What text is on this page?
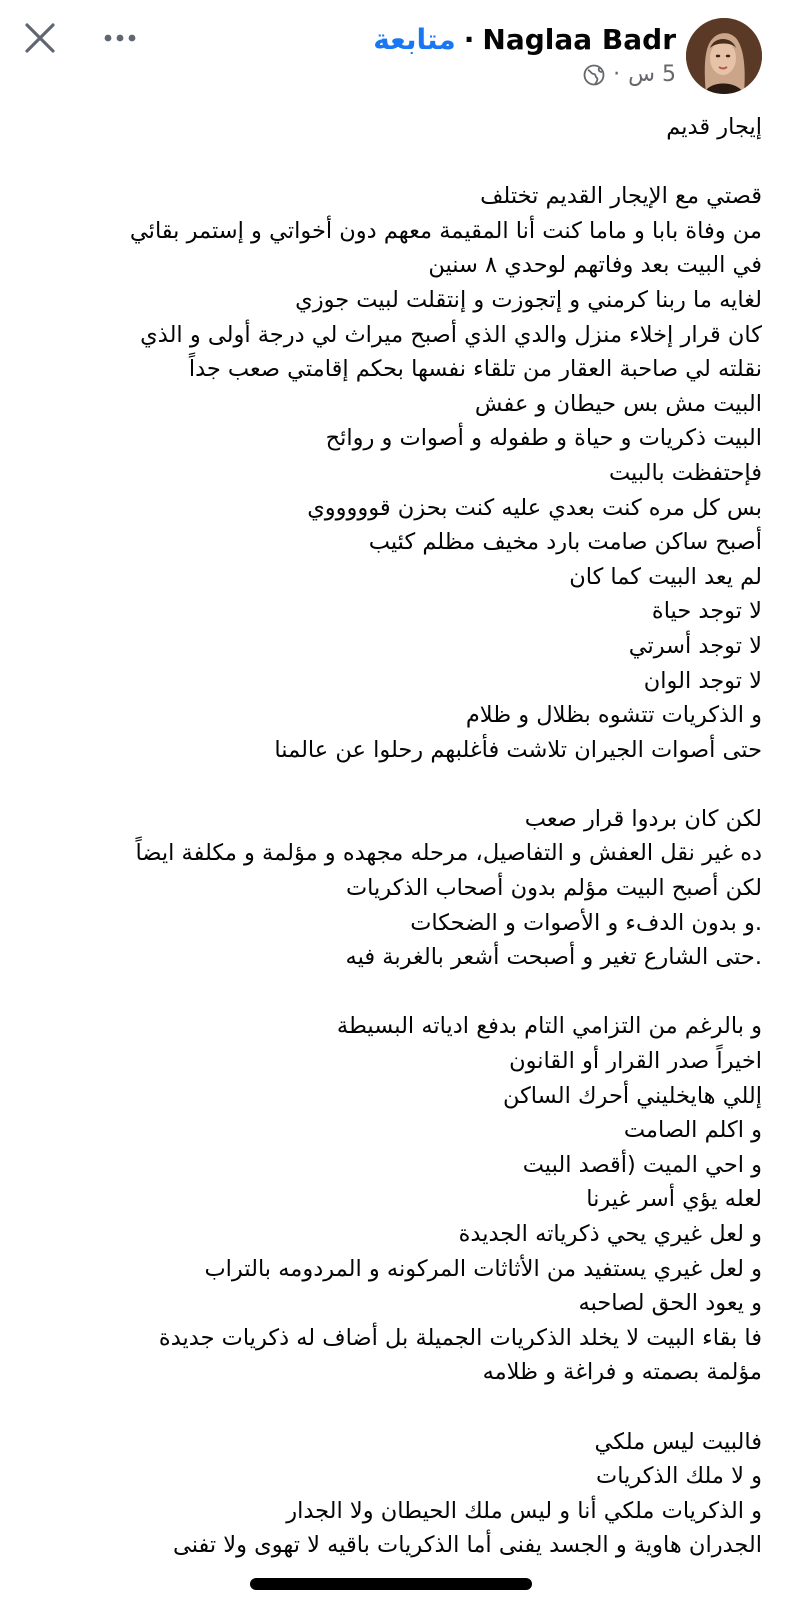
Naglaa Badr·متابعة
5 س
·
إيجار قديم
قصتي مع الإيجار القديم تختلف
من وفاة بابا و ماما كنت أنا المقيمة معهم دون أخواتي و إستمر بقائي
في البيت بعد وفاتهم لوحدي ٨ سنين
لغايه ما ربنا كرمني و إتجوزت و إنتقلت لبيت جوزي
كان قرار إخلاء منزل والدي الذي أصبح ميراث لي درجة أولى و الذي
نقلته لي صاحبة العقار من تلقاء نفسها بحكم إقامتي صعب جداً
البيت مش بس حيطان و عفش
البيت ذكريات و حياة و طفوله و أصوات و روائح
فإحتفظت بالبيت
بس كل مره كنت بعدي عليه كنت بحزن قوووووي
أصبح ساكن صامت بارد مخيف مظلم كئيب
لم يعد البيت كما كان
لا توجد حياة
لا توجد أسرتي
لا توجد الوان
و الذكريات تتشوه بظلال و ظلام
حتى أصوات الجيران تلاشت فأغلبهم رحلوا عن عالمنا
لكن كان بردوا قرار صعب
ده غير نقل العفش و التفاصيل، مرحله مجهده و مؤلمة و مكلفة ايضاً
لكن أصبح البيت مؤلم بدون أصحاب الذكريات
.و بدون الدفء و الأصوات و الضحكات
.حتى الشارع تغير و أصبحت أشعر بالغربة فيه
و بالرغم من التزامي التام بدفع ادياته البسيطة
اخيراً صدر القرار أو القانون
إللي هايخليني أحرك الساكن
و اكلم الصامت
و احي الميت (أقصد البيت
لعله يؤي أسر غيرنا
و لعل غيري يحي ذكرياته الجديدة
و لعل غيري يستفيد من الأثاثات المركونه و المردومه بالتراب
و يعود الحق لصاحبه
فا بقاء البيت لا يخلد الذكريات الجميلة بل أضاف له ذكريات جديدة
مؤلمة بصمته و فراغة و ظلامه
فالبيت ليس ملكي
و لا ملك الذكريات
و الذكريات ملكي أنا و ليس ملك الحيطان ولا الجدار
الجدران هاوية و الجسد يفنى أما الذكريات باقيه لا تهوى ولا تفنى
